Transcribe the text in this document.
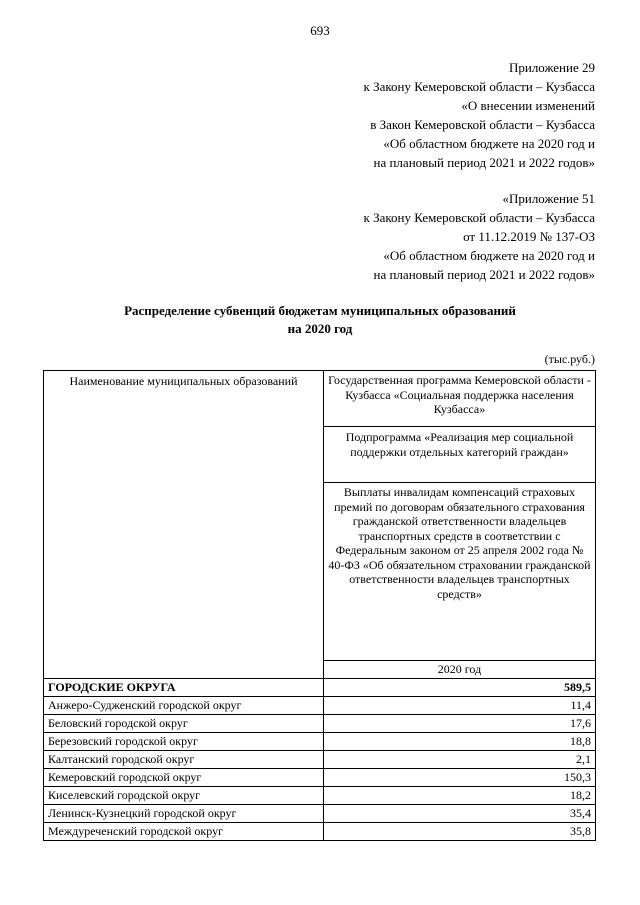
693
Приложение 29
к Закону Кемеровской области – Кузбасса
«О внесении изменений
в Закон Кемеровской области – Кузбасса
«Об областном бюджете на 2020 год и
на плановый период 2021 и 2022 годов»
«Приложение 51
к Закону Кемеровской области – Кузбасса
от 11.12.2019 № 137-ОЗ
«Об областном бюджете на 2020 год и
на плановый период 2021 и 2022 годов»
Распределение субвенций бюджетам муниципальных образований
на 2020 год
(тыс.руб.)
Наименование муниципальных образований	Государственная программа Кемеровской области - Кузбасса «Социальная поддержка населения Кузбасса»
	Подпрограмма «Реализация мер социальной поддержки отдельных категорий граждан»
	Выплаты инвалидам компенсаций страховых премий по договорам обязательного страхования гражданской ответственности владельцев транспортных средств в соответствии с Федеральным законом от 25 апреля 2002 года № 40-ФЗ «Об обязательном страховании гражданской ответственности владельцев транспортных средств»
	2020 год
ГОРОДСКИЕ ОКРУГА	589,5
Анжеро-Судженский городской округ	11,4
Беловский городской округ	17,6
Березовский городской округ	18,8
Калтанский городской округ	2,1
Кемеровский городской округ	150,3
Киселевский городской округ	18,2
Ленинск-Кузнецкий городской округ	35,4
Междуреченский городской округ	35,8
